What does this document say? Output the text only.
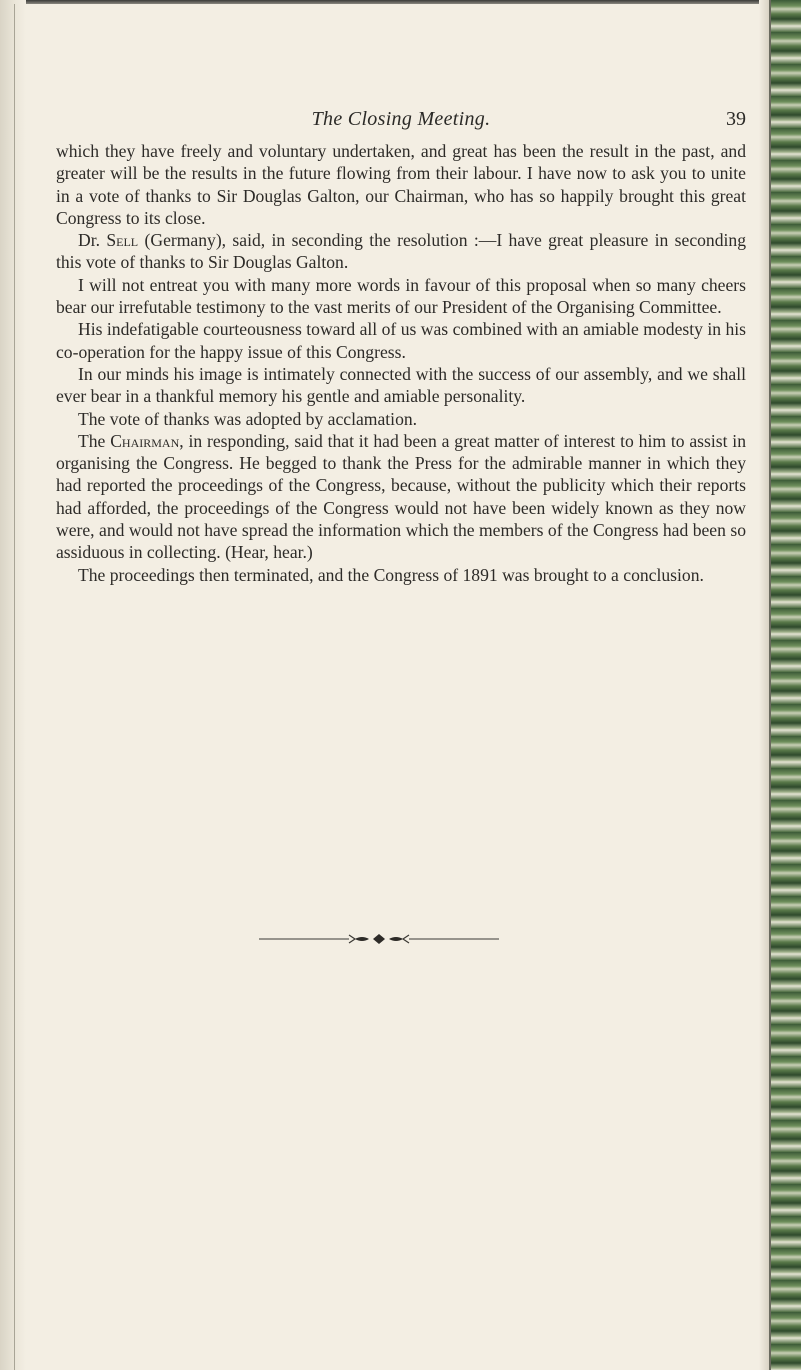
The Closing Meeting.	39

which they have freely and voluntary undertaken, and great has been the result in the past, and greater will be the results in the future flowing from their labour. I have now to ask you to unite in a vote of thanks to Sir Douglas Galton, our Chairman, who has so happily brought this great Congress to its close.

Dr. Sell (Germany), said, in seconding the resolution :—I have great pleasure in seconding this vote of thanks to Sir Douglas Galton.

I will not entreat you with many more words in favour of this proposal when so many cheers bear our irrefutable testimony to the vast merits of our President of the Organising Committee.

His indefatigable courteousness toward all of us was combined with an amiable modesty in his co-operation for the happy issue of this Congress.

In our minds his image is intimately connected with the success of our assembly, and we shall ever bear in a thankful memory his gentle and amiable personality.

The vote of thanks was adopted by acclamation.

The Chairman, in responding, said that it had been a great matter of interest to him to assist in organising the Congress. He begged to thank the Press for the admirable manner in which they had reported the proceedings of the Congress, because, without the publicity which their reports had afforded, the proceedings of the Congress would not have been widely known as they now were, and would not have spread the information which the members of the Congress had been so assiduous in collecting. (Hear, hear.)

The proceedings then terminated, and the Congress of 1891 was brought to a conclusion.
